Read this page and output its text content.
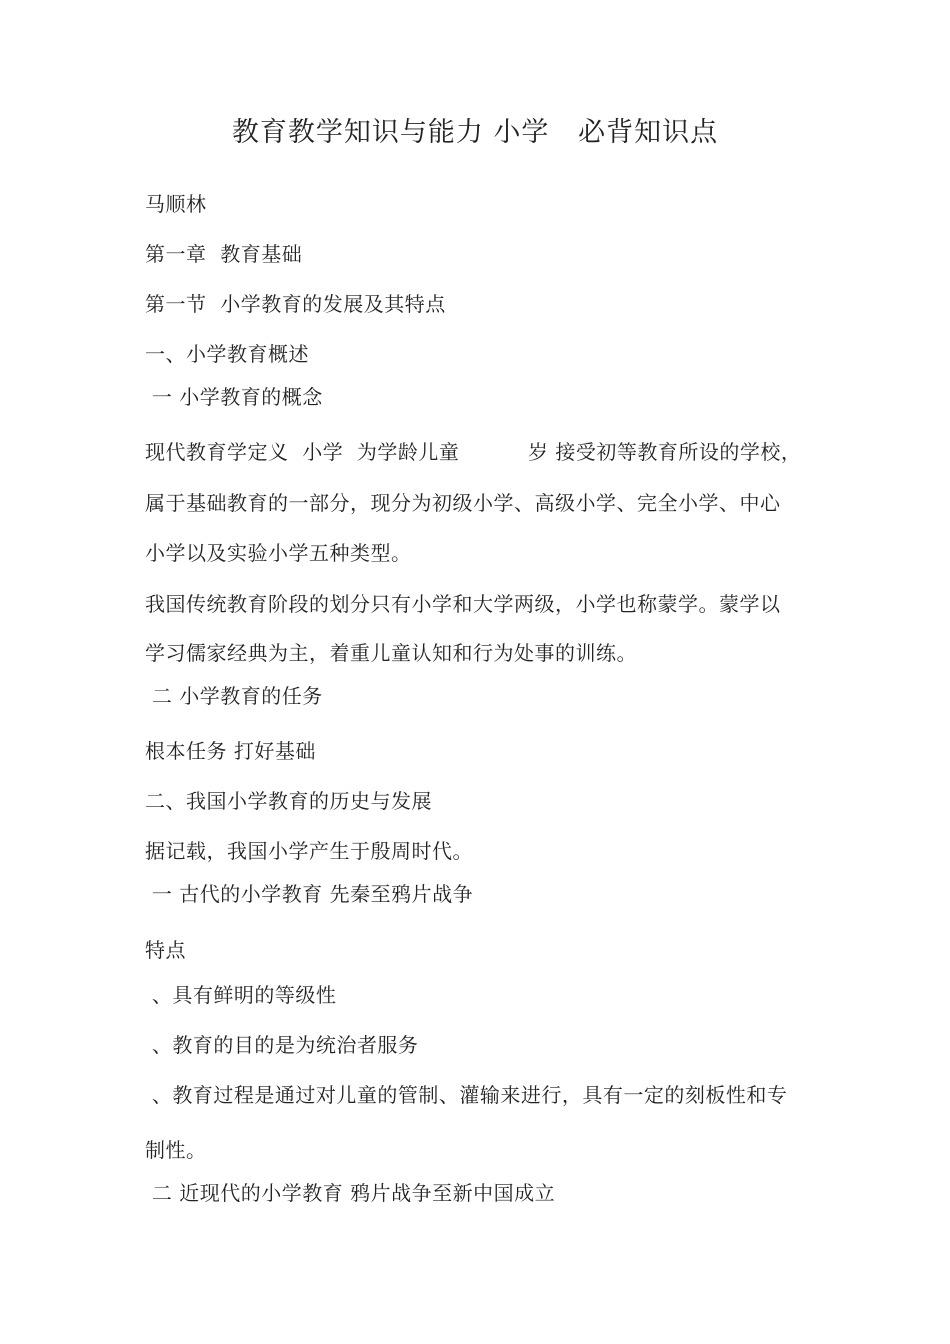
教育教学知识与能力 小学   必背知识点
马顺林
第一章  教育基础
第一节  小学教育的发展及其特点
一、小学教育概述
一 小学教育的概念
现代教育学定义  小学  为学龄儿童          岁 接受初等教育所设的学校，
属于基础教育的一部分，现分为初级小学、高级小学、完全小学、中心
小学以及实验小学五种类型。
我国传统教育阶段的划分只有小学和大学两级，小学也称蒙学。蒙学以
学习儒家经典为主，着重儿童认知和行为处事的训练。
二 小学教育的任务
根本任务 打好基础
二、我国小学教育的历史与发展
据记载，我国小学产生于殷周时代。
一 古代的小学教育 先秦至鸦片战争
特点
、具有鲜明的等级性
、教育的目的是为统治者服务
、教育过程是通过对儿童的管制、灌输来进行，具有一定的刻板性和专
制性。
二 近现代的小学教育 鸦片战争至新中国成立
